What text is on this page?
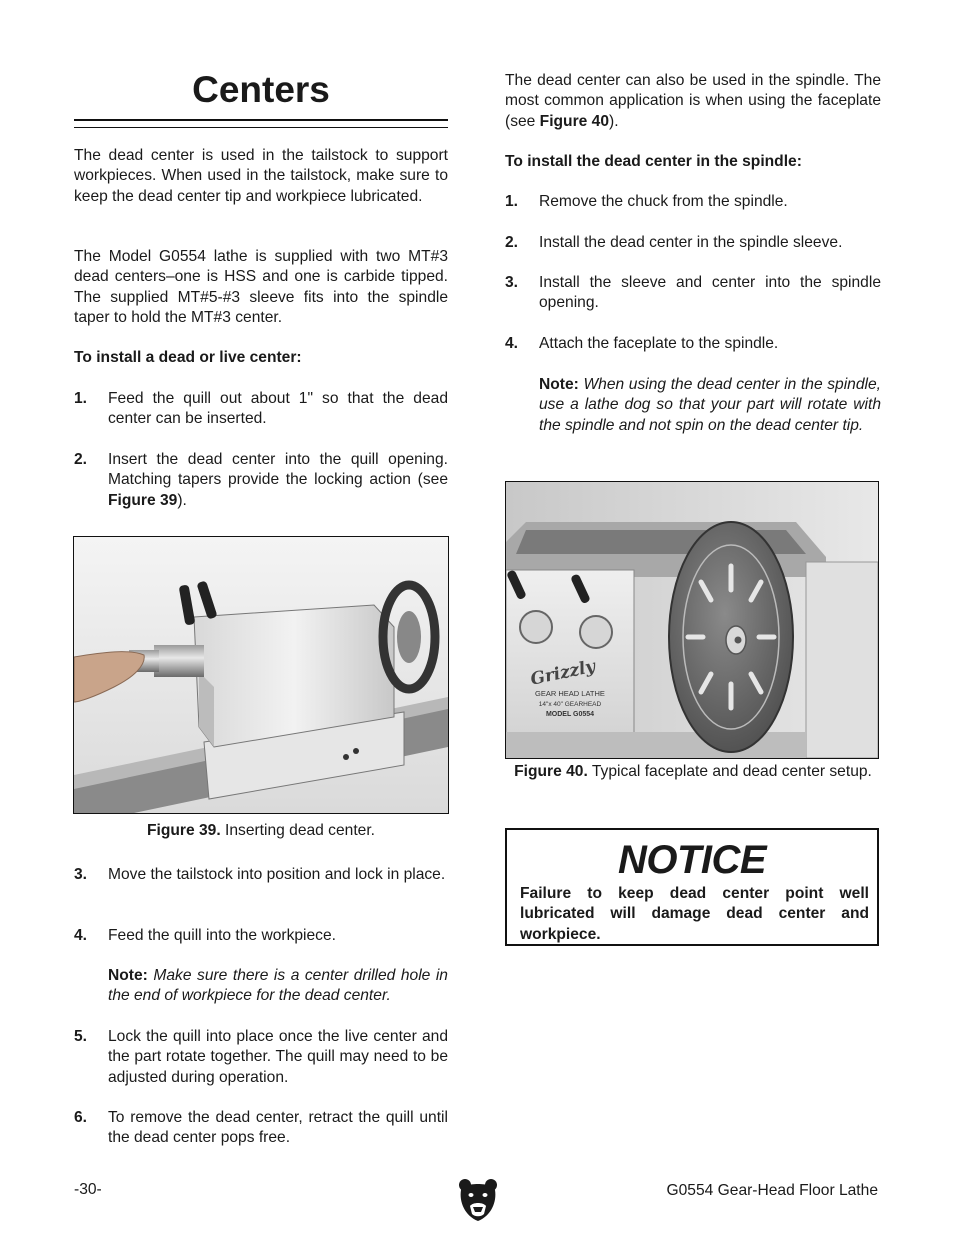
Centers

The dead center is used in the tailstock to support workpieces. When used in the tailstock, make sure to keep the dead center tip and workpiece lubricated.

The Model G0554 lathe is supplied with two MT#3 dead centers–one is HSS and one is carbide tipped. The supplied MT#5-#3 sleeve fits into the spindle taper to hold the MT#3 center.

To install a dead or live center:

1.	Feed the quill out about 1" so that the dead center can be inserted.
2.	Insert the dead center into the quill opening. Matching tapers provide the locking action (see Figure 39).
Figure 39. Inserting dead center.
3.	Move the tailstock into position and lock in place.
4.	Feed the quill into the workpiece.

Note: Make sure there is a center drilled hole in the end of workpiece for the dead center.

5.	Lock the quill into place once the live center and the part rotate together. The quill may need to be adjusted during operation.
6.	To remove the dead center, retract the quill until the dead center pops free.

The dead center can also be used in the spindle. The most common application is when using the faceplate (see Figure 40).

To install the dead center in the spindle:

1.	Remove the chuck from the spindle.
2.	Install the dead center in the spindle sleeve.
3.	Install the sleeve and center into the spindle opening.
4.	Attach the faceplate to the spindle.

Note: When using the dead center in the spindle, use a lathe dog so that your part will rotate with the spindle and not spin on the dead center tip.

Grizzly
GEAR HEAD LATHE
14"x 40" GEARHEAD
MODEL G0554
Figure 40. Typical faceplate and dead center setup.
NOTICE
Failure to keep dead center point well lubricated will damage dead center and workpiece.
-30-	G0554 Gear-Head Floor Lathe
